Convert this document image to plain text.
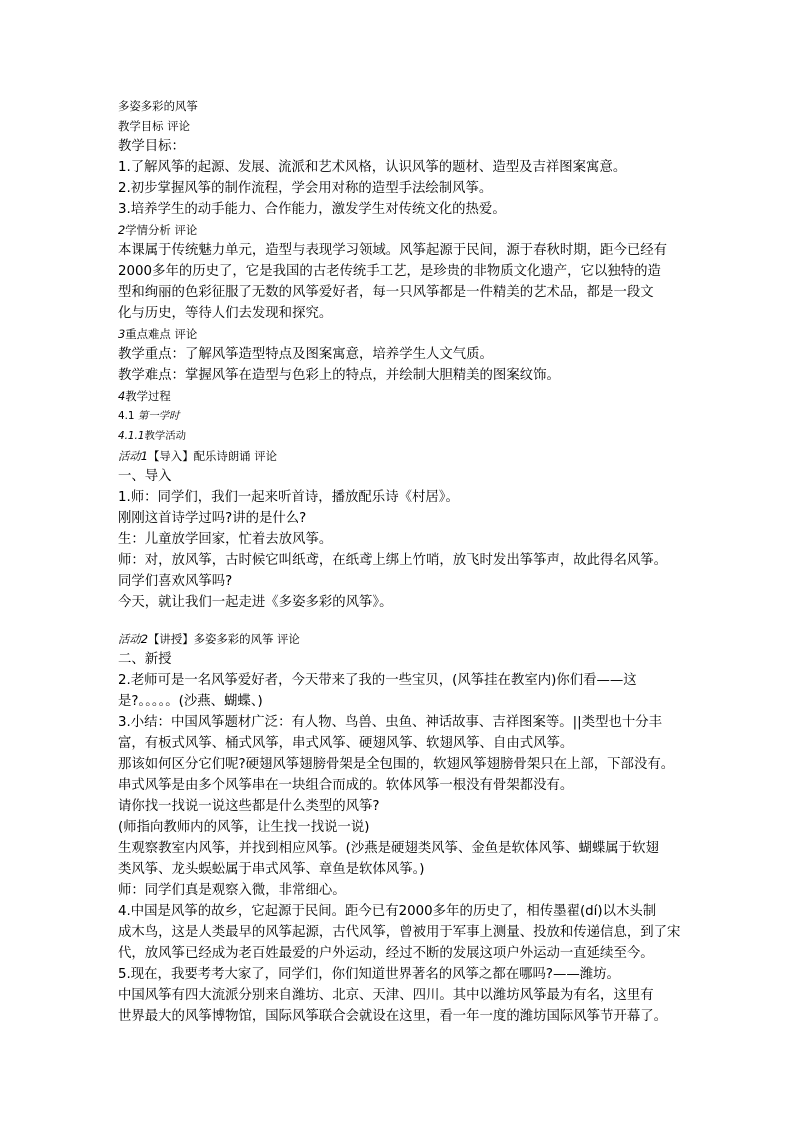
多姿多彩的风筝
教学目标 评论
教学目标：
1.了解风筝的起源、发展、流派和艺术风格，认识风筝的题材、造型及吉祥图案寓意。
2.初步掌握风筝的制作流程，学会用对称的造型手法绘制风筝。
3.培养学生的动手能力、合作能力，激发学生对传统文化的热爱。
2学情分析 评论
本课属于传统魅力单元，造型与表现学习领域。风筝起源于民间，源于春秋时期，距今已经有
2000多年的历史了，它是我国的古老传统手工艺，是珍贵的非物质文化遗产，它以独特的造
型和绚丽的色彩征服了无数的风筝爱好者，每一只风筝都是一件精美的艺术品，都是一段文
化与历史，等待人们去发现和探究。
3重点难点 评论
教学重点：了解风筝造型特点及图案寓意，培养学生人文气质。
教学难点：掌握风筝在造型与色彩上的特点，并绘制大胆精美的图案纹饰。
4教学过程
4.1 第一学时
4.1.1教学活动
活动1【导入】配乐诗朗诵 评论
一、导入
1.师：同学们，我们一起来听首诗，播放配乐诗《村居》。
刚刚这首诗学过吗?讲的是什么?
生：儿童放学回家，忙着去放风筝。
师：对，放风筝，古时候它叫纸鸢，在纸鸢上绑上竹哨，放飞时发出筝筝声，故此得名风筝。
同学们喜欢风筝吗?
今天，就让我们一起走进《多姿多彩的风筝》。
活动2【讲授】多姿多彩的风筝 评论
二、新授
2.老师可是一名风筝爱好者，今天带来了我的一些宝贝，(风筝挂在教室内)你们看——这
是?。。。。。(沙燕、蝴蝶、)
3.小结：中国风筝题材广泛：有人物、鸟兽、虫鱼、神话故事、吉祥图案等。||类型也十分丰
富，有板式风筝、桶式风筝，串式风筝、硬翅风筝、软翅风筝、自由式风筝。
那该如何区分它们呢?硬翅风筝翅膀骨架是全包围的，软翅风筝翅膀骨架只在上部，下部没有。
串式风筝是由多个风筝串在一块组合而成的。软体风筝一根没有骨架都没有。
请你找一找说一说这些都是什么类型的风筝?
(师指向教师内的风筝，让生找一找说一说)
生观察教室内风筝，并找到相应风筝。(沙燕是硬翅类风筝、金鱼是软体风筝、蝴蝶属于软翅
类风筝、龙头蜈蚣属于串式风筝、章鱼是软体风筝。)
师：同学们真是观察入微，非常细心。
4.中国是风筝的故乡，它起源于民间。距今已有2000多年的历史了，相传墨翟(dí)以木头制
成木鸟，这是人类最早的风筝起源，古代风筝，曾被用于军事上测量、投放和传递信息，到了宋
代，放风筝已经成为老百姓最爱的户外运动，经过不断的发展这项户外运动一直延续至今。
5.现在，我要考考大家了，同学们，你们知道世界著名的风筝之都在哪吗?——潍坊。
中国风筝有四大流派分别来自潍坊、北京、天津、四川。其中以潍坊风筝最为有名，这里有
世界最大的风筝博物馆，国际风筝联合会就设在这里，看一年一度的潍坊国际风筝节开幕了。
